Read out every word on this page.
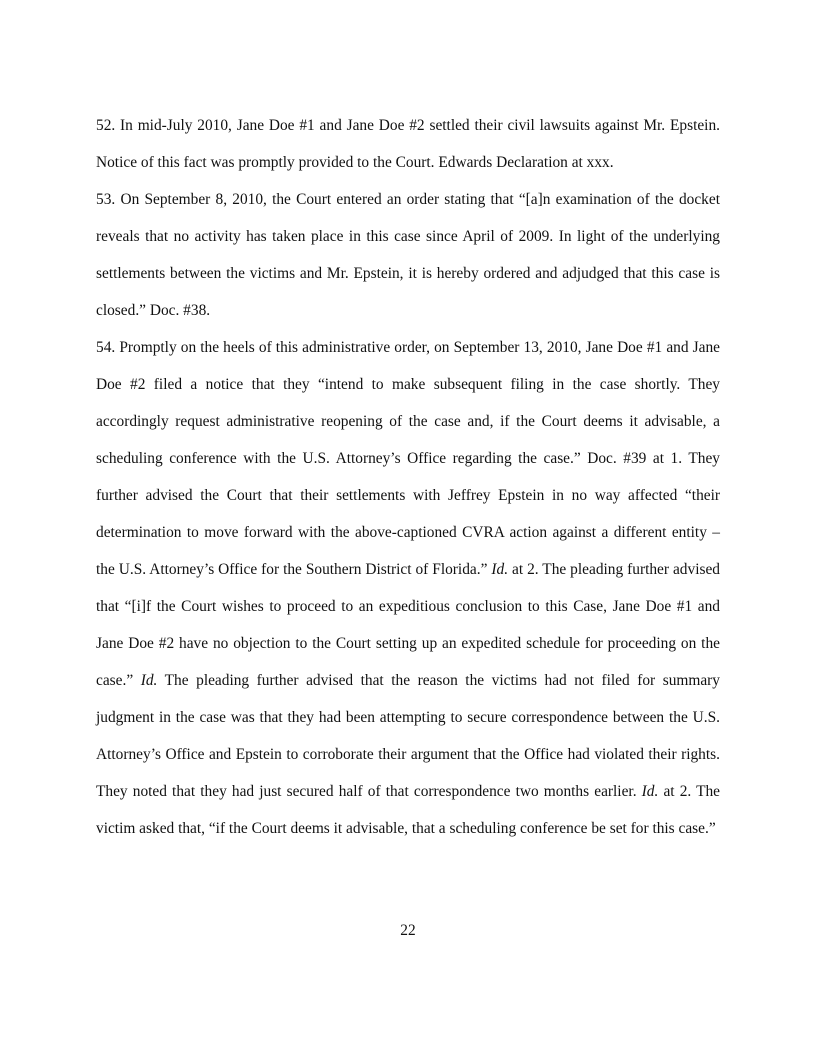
52. In mid-July 2010, Jane Doe #1 and Jane Doe #2 settled their civil lawsuits against Mr. Epstein. Notice of this fact was promptly provided to the Court. Edwards Declaration at xxx.

53. On September 8, 2010, the Court entered an order stating that “[a]n examination of the docket reveals that no activity has taken place in this case since April of 2009. In light of the underlying settlements between the victims and Mr. Epstein, it is hereby ordered and adjudged that this case is closed.” Doc. #38.

54. Promptly on the heels of this administrative order, on September 13, 2010, Jane Doe #1 and Jane Doe #2 filed a notice that they “intend to make subsequent filing in the case shortly. They accordingly request administrative reopening of the case and, if the Court deems it advisable, a scheduling conference with the U.S. Attorney’s Office regarding the case.” Doc. #39 at 1. They further advised the Court that their settlements with Jeffrey Epstein in no way affected “their determination to move forward with the above-captioned CVRA action against a different entity – the U.S. Attorney’s Office for the Southern District of Florida.” Id. at 2. The pleading further advised that “[i]f the Court wishes to proceed to an expeditious conclusion to this Case, Jane Doe #1 and Jane Doe #2 have no objection to the Court setting up an expedited schedule for proceeding on the case.” Id. The pleading further advised that the reason the victims had not filed for summary judgment in the case was that they had been attempting to secure correspondence between the U.S. Attorney’s Office and Epstein to corroborate their argument that the Office had violated their rights. They noted that they had just secured half of that correspondence two months earlier. Id. at 2. The victim asked that, “if the Court deems it advisable, that a scheduling conference be set for this case.”

22
